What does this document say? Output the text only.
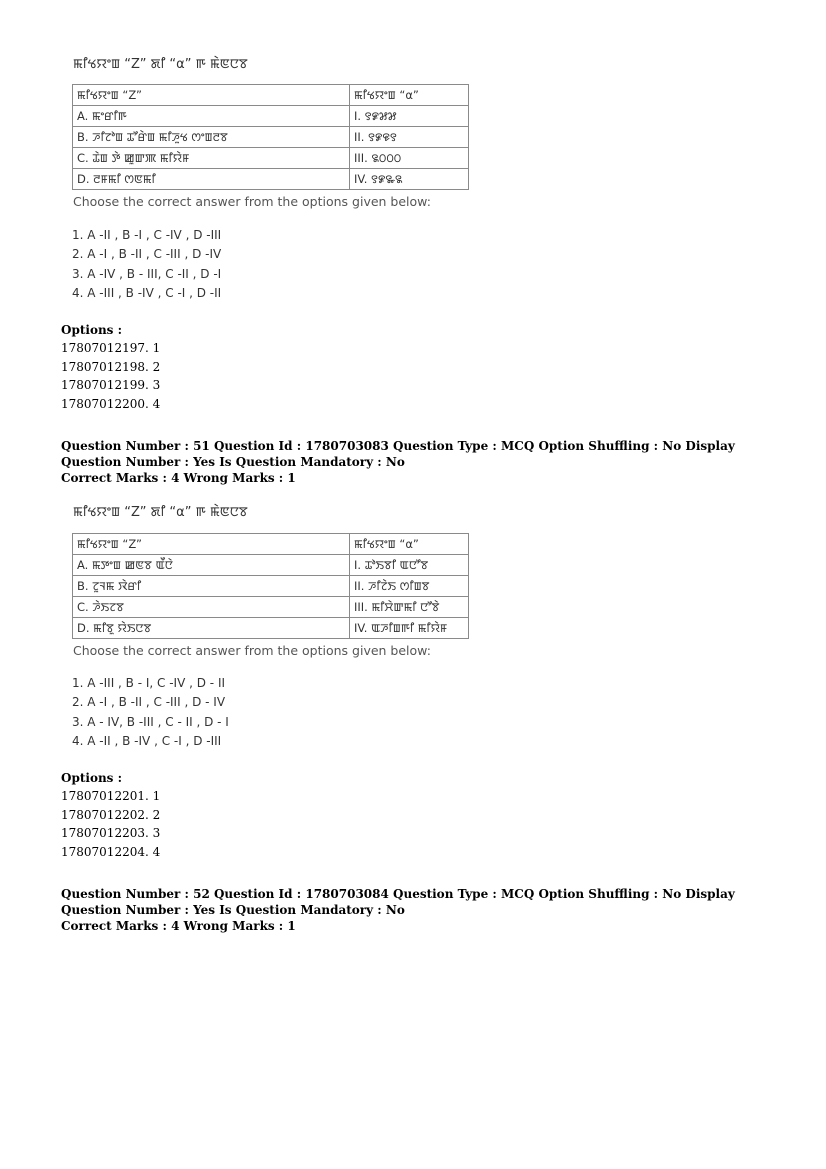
ꯃꯤꯠꯌꯦꯡ “Z” ꯗꯤ “α” ꯒ ꯃꯥꯟꯅꯕ
ꯃꯤꯠꯌꯦꯡ “Z”	ꯃꯤꯠꯌꯦꯡ “α”
A. ꯃꯦꯔꯤꯒ	I. ꯱꯹꯷꯷
B. ꯍꯤꯖꯣꯡ ꯊꯧꯔꯥꯡ ꯃꯤꯍꯨꯠ ꯁꯦꯡꯂꯕ	II. ꯱꯹꯶꯱
C. ꯊꯥꯡ ꯇꯥ ꯀꯨꯛꯄ ꯃꯤꯌꯥꯝ	III. ꯲꯰꯰꯰
D. ꯂꯝꯃꯤ ꯁꯟꯃꯤ	IV. ꯱꯹꯳꯲
Choose the correct answer from the options given below:
1. A -II , B -I , C -IV , D -III
2. A -I , B -II , C -III , D -IV
3. A -IV , B - III, C -II , D -I
4. A -III , B -IV , C -I , D -II
Options :
17807012197. 1
17807012198. 2
17807012199. 3
17807012200. 4
Question Number : 51 Question Id : 1780703083 Question Type : MCQ Option Shuffling : No Display Question Number : Yes Is Question Mandatory : No
Correct Marks : 4 Wrong Marks : 1
ꯃꯤꯠꯌꯦꯡ “Z” ꯗꯤ “α” ꯒ ꯃꯥꯟꯅꯕ
ꯃꯤꯠꯌꯦꯡ “Z”	ꯃꯤꯠꯌꯦꯡ “α”
A. ꯃꯇꯦꯡ ꯀꯟꯕ ꯑꯩꯅꯥ	I. ꯊꯣꯏꯕꯤ ꯑꯅꯧꯕ
B. ꯖꯨꯜꯃ ꯋꯥꯔꯤ	II. ꯍꯤꯖꯥꯏ ꯁꯤꯡꯕ
C. ꯍꯥꯏꯖꯕ	III. ꯃꯤꯆꯥꯛꯃꯤ ꯅꯧꯕꯥ
D. ꯃꯤꯕꯨ ꯌꯥꯏꯅꯕ	IV. ꯑꯍꯤꯡꯒꯤ ꯃꯤꯌꯥꯝ
Choose the correct answer from the options given below:
1. A -III , B - I, C -IV , D - II
2. A -I , B -II , C -III , D - IV
3. A - IV, B -III , C - II , D - I
4. A -II , B -IV , C -I , D -III
Options :
17807012201. 1
17807012202. 2
17807012203. 3
17807012204. 4
Question Number : 52 Question Id : 1780703084 Question Type : MCQ Option Shuffling : No Display Question Number : Yes Is Question Mandatory : No
Correct Marks : 4 Wrong Marks : 1
